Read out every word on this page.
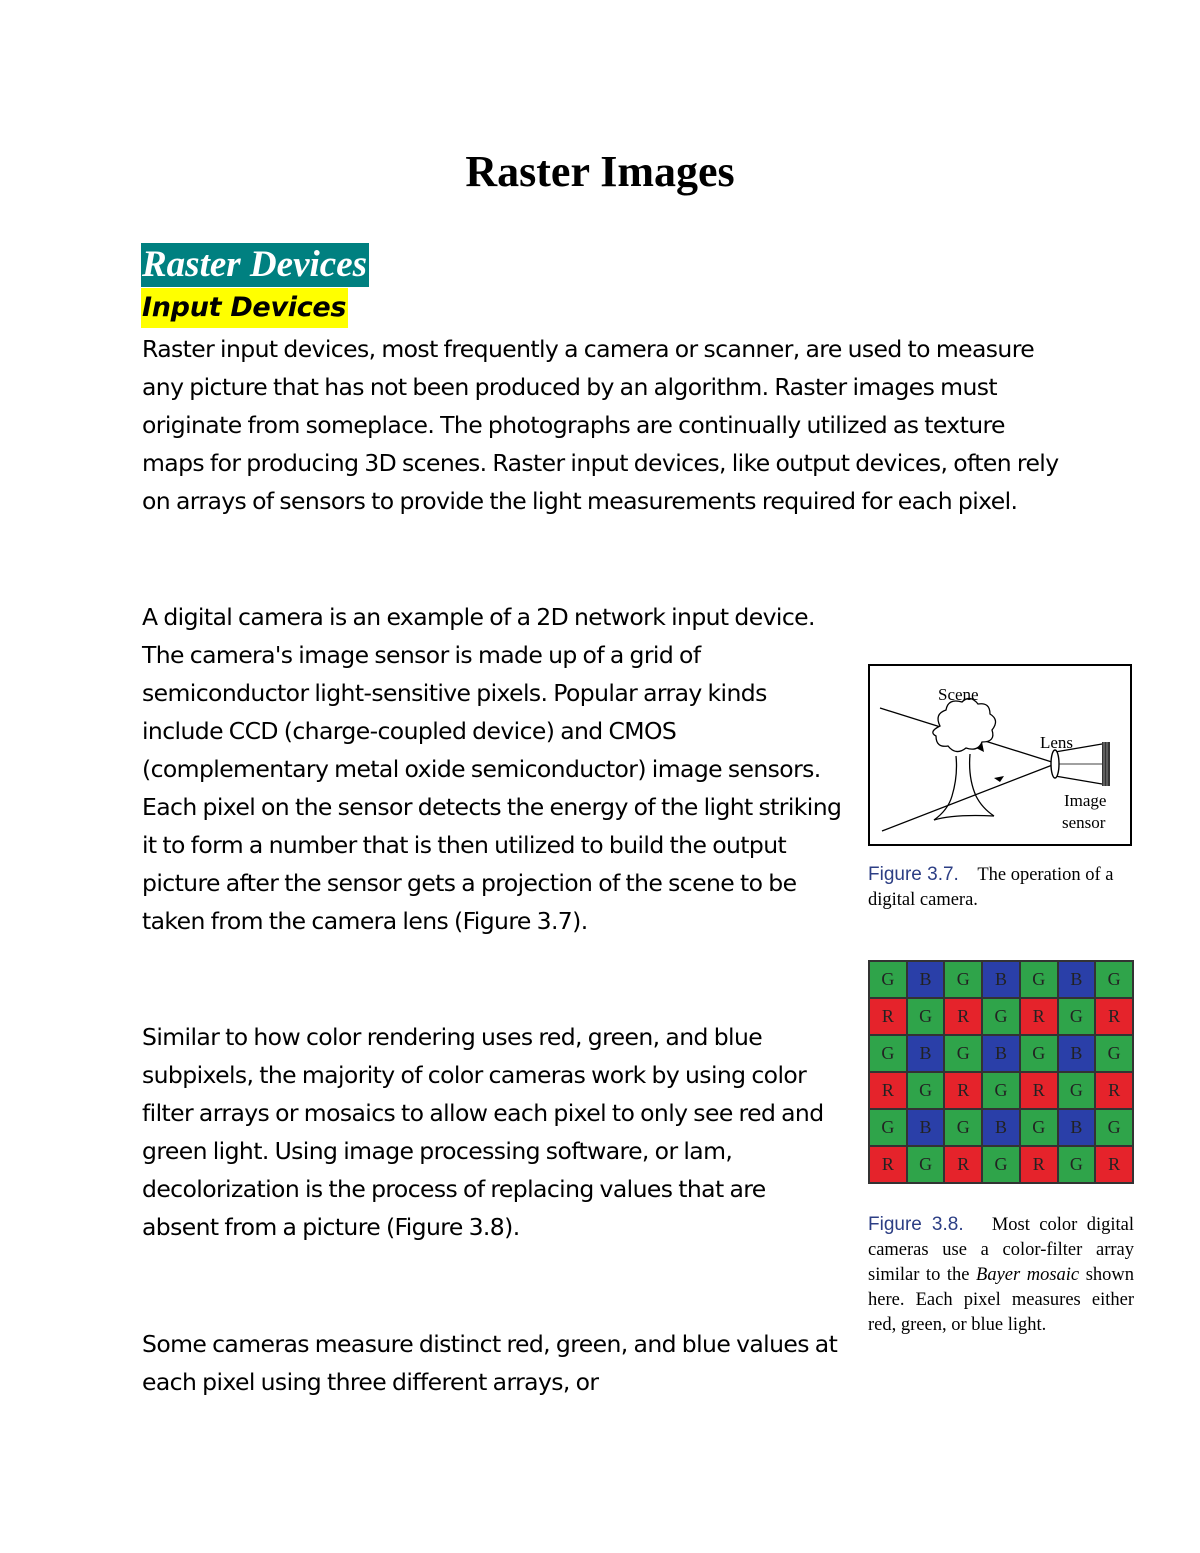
Raster Images
Raster Devices
Input Devices

Raster input devices, most frequently a camera or scanner, are used to measure any picture that has not been produced by an algorithm. Raster images must originate from someplace. The photographs are continually utilized as texture maps for producing 3D scenes. Raster input devices, like output devices, often rely on arrays of sensors to provide the light measurements required for each pixel.

A digital camera is an example of a 2D network input device. The camera's image sensor is made up of a grid of semiconductor light-sensitive pixels. Popular array kinds include CCD (charge-coupled device) and CMOS (complementary metal oxide semiconductor) image sensors. Each pixel on the sensor detects the energy of the light striking it to form a number that is then utilized to build the output picture after the sensor gets a projection of the scene to be taken from the camera lens (Figure 3.7).

Similar to how color rendering uses red, green, and blue subpixels, the majority of color cameras work by using color filter arrays or mosaics to allow each pixel to only see red and green light. Using image processing software, or lam, decolorization is the process of replacing values that are absent from a picture (Figure 3.8).

Some cameras measure distinct red, green, and blue values at each pixel using three different arrays, or

Scene
Lens
Image
sensor
Figure 3.7. The operation of a digital camera.
G	B	G	B	G	B	G
R	G	R	G	R	G	R
G	B	G	B	G	B	G
R	G	R	G	R	G	R
G	B	G	B	G	B	G
R	G	R	G	R	G	R
Figure 3.8. Most color digital cameras use a color-filter array similar to the Bayer mosaic shown here. Each pixel measures either red, green, or blue light.
